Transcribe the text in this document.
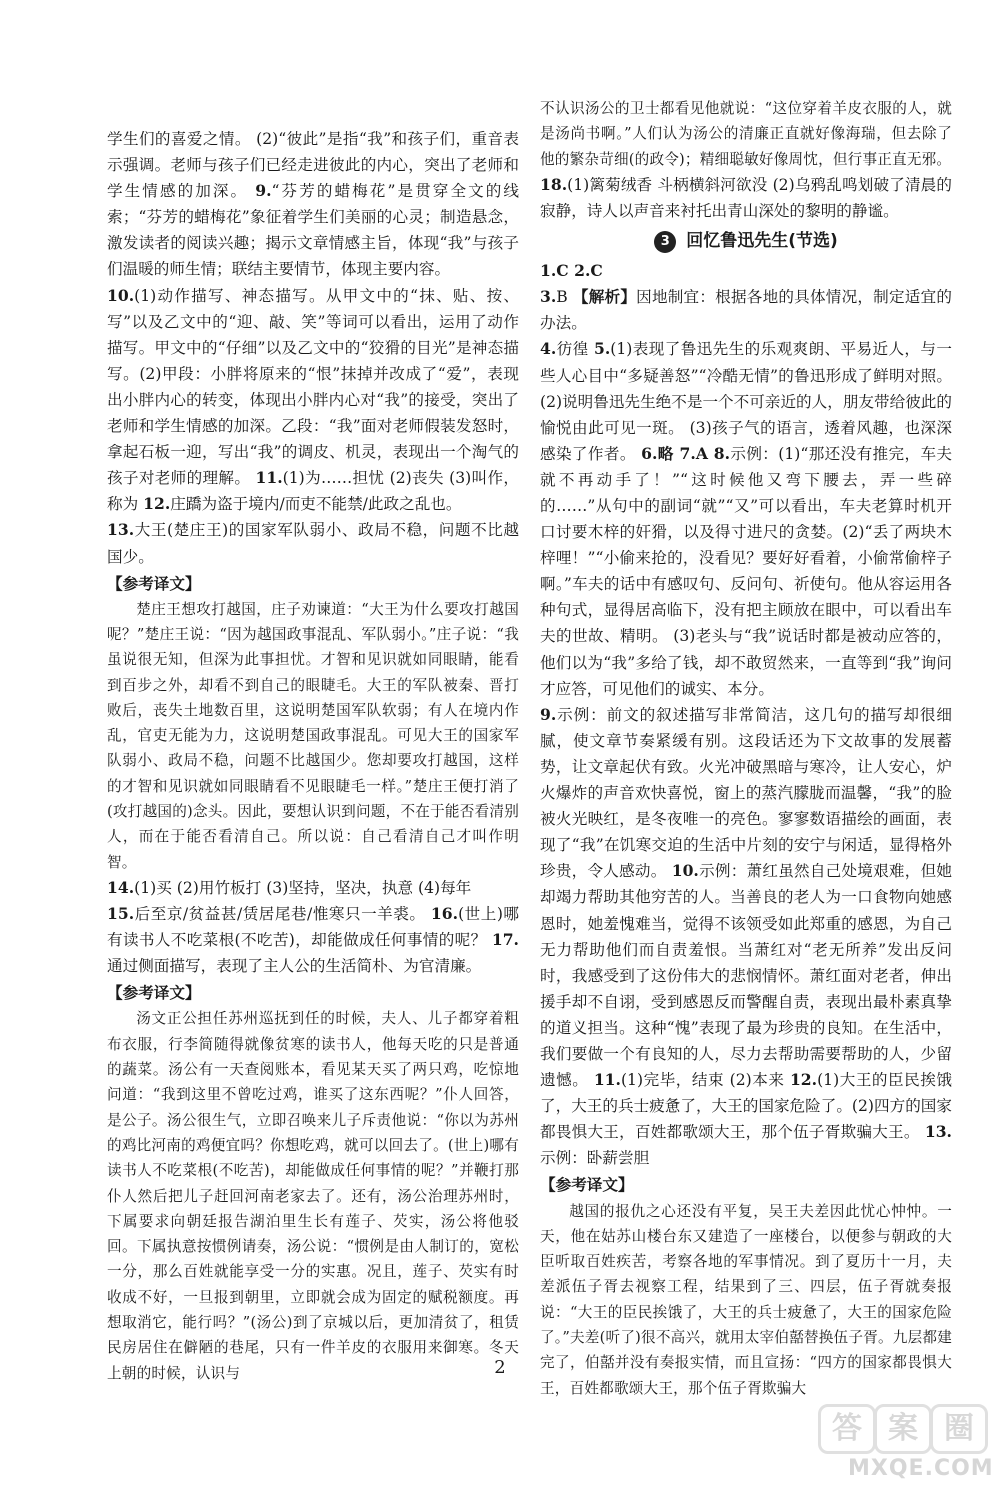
学生们的喜爱之情。 (2)“彼此”是指“我”和孩子们，重音表示强调。老师与孩子们已经走进彼此的内心，突出了老师和学生情感的加深。 9.“芬芳的蜡梅花”是贯穿全文的线索；“芬芳的蜡梅花”象征着学生们美丽的心灵；制造悬念，激发读者的阅读兴趣；揭示文章情感主旨，体现“我”与孩子们温暖的师生情；联结主要情节，体现主要内容。

10.(1)动作描写、神态描写。从甲文中的“抹、贴、按、写”以及乙文中的“迎、敲、笑”等词可以看出，运用了动作描写。甲文中的“仔细”以及乙文中的“狡猾的目光”是神态描写。(2)甲段：小胖将原来的“恨”抹掉并改成了“爱”，表现出小胖内心的转变，体现出小胖内心对“我”的接受，突出了老师和学生情感的加深。乙段：“我”面对老师假装发怒时，拿起石板一迎，写出“我”的调皮、机灵，表现出一个淘气的孩子对老师的理解。 11.(1)为……担忧 (2)丧失 (3)叫作，称为 12.庄蹻为盗于境内/而吏不能禁/此政之乱也。

13.大王(楚庄王)的国家军队弱小、政局不稳，问题不比越国少。

【参考译文】

楚庄王想攻打越国，庄子劝谏道：“大王为什么要攻打越国呢？”楚庄王说：“因为越国政事混乱、军队弱小。”庄子说：“我虽说很无知，但深为此事担忧。才智和见识就如同眼睛，能看到百步之外，却看不到自己的眼睫毛。大王的军队被秦、晋打败后，丧失土地数百里，这说明楚国军队软弱；有人在境内作乱，官吏无能为力，这说明楚国政事混乱。可见大王的国家军队弱小、政局不稳，问题不比越国少。您却要攻打越国，这样的才智和见识就如同眼睛看不见眼睫毛一样。”楚庄王便打消了(攻打越国的)念头。因此，要想认识到问题，不在于能否看清别人，而在于能否看清自己。所以说：自己看清自己才叫作明智。

14.(1)买 (2)用竹板打 (3)坚持，坚决，执意 (4)每年

15.后至京/贫益甚/赁居尾巷/惟寒只一羊裘。 16.(世上)哪有读书人不吃菜根(不吃苦)，却能做成任何事情的呢？ 17.通过侧面描写，表现了主人公的生活简朴、为官清廉。

【参考译文】

汤文正公担任苏州巡抚到任的时候，夫人、儿子都穿着粗布衣服，行李简随得就像贫寒的读书人，他每天吃的只是普通的蔬菜。汤公有一天查阅账本，看见某天买了两只鸡，吃惊地问道：“我到这里不曾吃过鸡，谁买了这东西呢？”仆人回答，是公子。汤公很生气，立即召唤来儿子斥责他说：“你以为苏州的鸡比河南的鸡便宜吗？你想吃鸡，就可以回去了。(世上)哪有读书人不吃菜根(不吃苦)，却能做成任何事情的呢？”并鞭打那仆人然后把儿子赶回河南老家去了。还有，汤公治理苏州时，下属要求向朝廷报告湖泊里生长有莲子、芡实，汤公将他驳回。下属执意按惯例请奏，汤公说：“惯例是由人制订的，宽松一分，那么百姓就能享受一分的实惠。况且，莲子、芡实有时收成不好，一旦报到朝里，立即就会成为固定的赋税额度。再想取消它，能行吗？”(汤公)到了京城以后，更加清贫了，租赁民房居住在僻陋的巷尾，只有一件羊皮的衣服用来御寒。冬天上朝的时候，认识与

不认识汤公的卫士都看见他就说：“这位穿着羊皮衣服的人，就是汤尚书啊。”人们认为汤公的清廉正直就好像海瑞，但去除了他的繁杂苛细(的政令)；精细聪敏好像周忱，但行事正直无邪。

18.(1)篱菊绒香 斗柄横斜河欲没 (2)乌鸦乱鸣划破了清晨的寂静，诗人以声音来衬托出青山深处的黎明的静谧。

3 回忆鲁迅先生(节选)

1.C 2.C

3.B 【解析】因地制宜：根据各地的具体情况，制定适宜的办法。

4.彷徨 5.(1)表现了鲁迅先生的乐观爽朗、平易近人，与一些人心目中“多疑善怒”“冷酷无情”的鲁迅形成了鲜明对照。 (2)说明鲁迅先生绝不是一个不可亲近的人，朋友带给彼此的愉悦由此可见一斑。 (3)孩子气的语言，透着风趣，也深深感染了作者。 6.略 7.A 8.示例：(1)“那还没有推完，车夫就不再动手了！”“这时候他又弯下腰去，弄一些碎的……”从句中的副词“就”“又”可以看出，车夫老算时机开口讨要木梓的奸猾，以及得寸进尺的贪婪。(2)“丢了两块木梓哩！”“小偷来抢的，没看见？要好好看着，小偷常偷梓子啊。”车夫的话中有感叹句、反问句、祈使句。他从容运用各种句式，显得居高临下，没有把主顾放在眼中，可以看出车夫的世故、精明。 (3)老头与“我”说话时都是被动应答的，他们以为“我”多给了钱，却不敢贸然来，一直等到“我”询问才应答，可见他们的诚实、本分。

9.示例：前文的叙述描写非常简洁，这几句的描写却很细腻，使文章节奏紧缓有别。这段话还为下文故事的发展蓄势，让文章起伏有致。火光冲破黑暗与寒冷，让人安心，炉火爆炸的声音欢快喜悦，窗上的蒸汽朦胧而温馨，“我”的脸被火光映红，是冬夜唯一的亮色。寥寥数语描绘的画面，表现了“我”在饥寒交迫的生活中片刻的安宁与闲适，显得格外珍贵，令人感动。 10.示例：萧红虽然自己处境艰难，但她却竭力帮助其他穷苦的人。当善良的老人为一口食物向她感恩时，她羞愧难当，觉得不该领受如此郑重的感恩，为自己无力帮助他们而自责羞恨。当萧红对“老无所养”发出反问时，我感受到了这份伟大的悲悯情怀。萧红面对老者，伸出援手却不自诩，受到感恩反而警醒自责，表现出最朴素真挚的道义担当。这种“愧”表现了最为珍贵的良知。在生活中，我们要做一个有良知的人，尽力去帮助需要帮助的人，少留遗憾。 11.(1)完毕，结束 (2)本来 12.(1)大王的臣民挨饿了，大王的兵士疲惫了，大王的国家危险了。(2)四方的国家都畏惧大王，百姓都歌颂大王，那个伍子胥欺骗大王。 13.示例：卧薪尝胆

【参考译文】

越国的报仇之心还没有平复，吴王夫差因此忧心忡忡。一天，他在姑苏山楼台东又建造了一座楼台，以便参与朝政的大臣听取百姓疾苦，考察各地的军事情况。到了夏历十一月，夫差派伍子胥去视察工程，结果到了三、四层，伍子胥就奏报说：“大王的臣民挨饿了，大王的兵士疲惫了，大王的国家危险了。”夫差(听了)很不高兴，就用太宰伯嚭替换伍子胥。九层都建完了，伯嚭并没有奏报实情，而且宣扬：“四方的国家都畏惧大王，百姓都歌颂大王，那个伍子胥欺骗大

2
答 案 圈
MXQE.COM
